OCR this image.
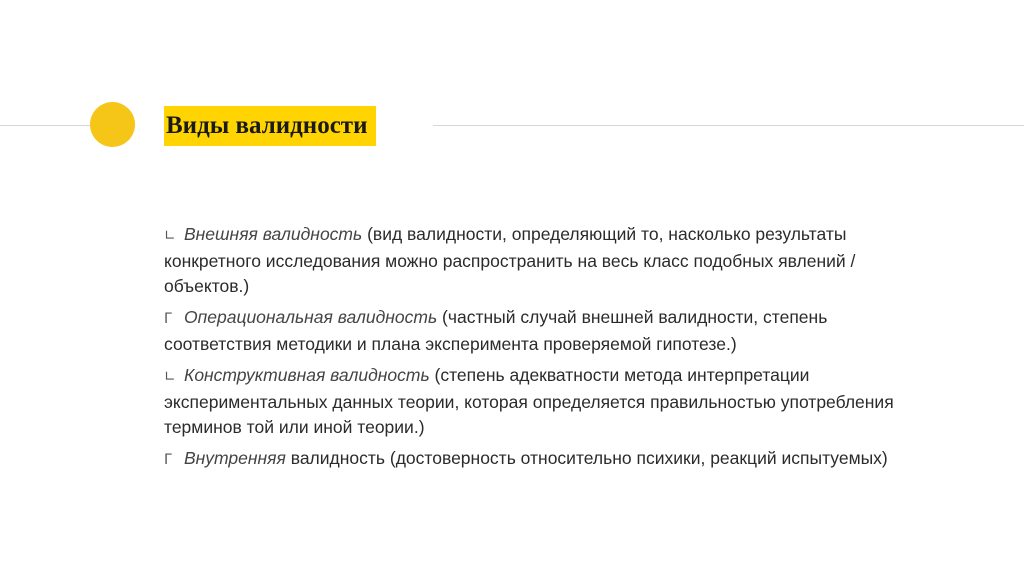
Виды валидности
∟ Внешняя валидность (вид валидности, определяющий то, насколько результаты конкретного исследования можно распространить на весь класс подобных явлений / объектов.)
Г Операциональная валидность (частный случай внешней валидности, степень соответствия методики и плана эксперимента проверяемой гипотезе.)
∟ Конструктивная валидность (степень адекватности метода интерпретации экспериментальных данных теории, которая определяется правильностью употребления терминов той или иной теории.)
Г Внутренняя валидность (достоверность относительно психики, реакций испытуемых)
